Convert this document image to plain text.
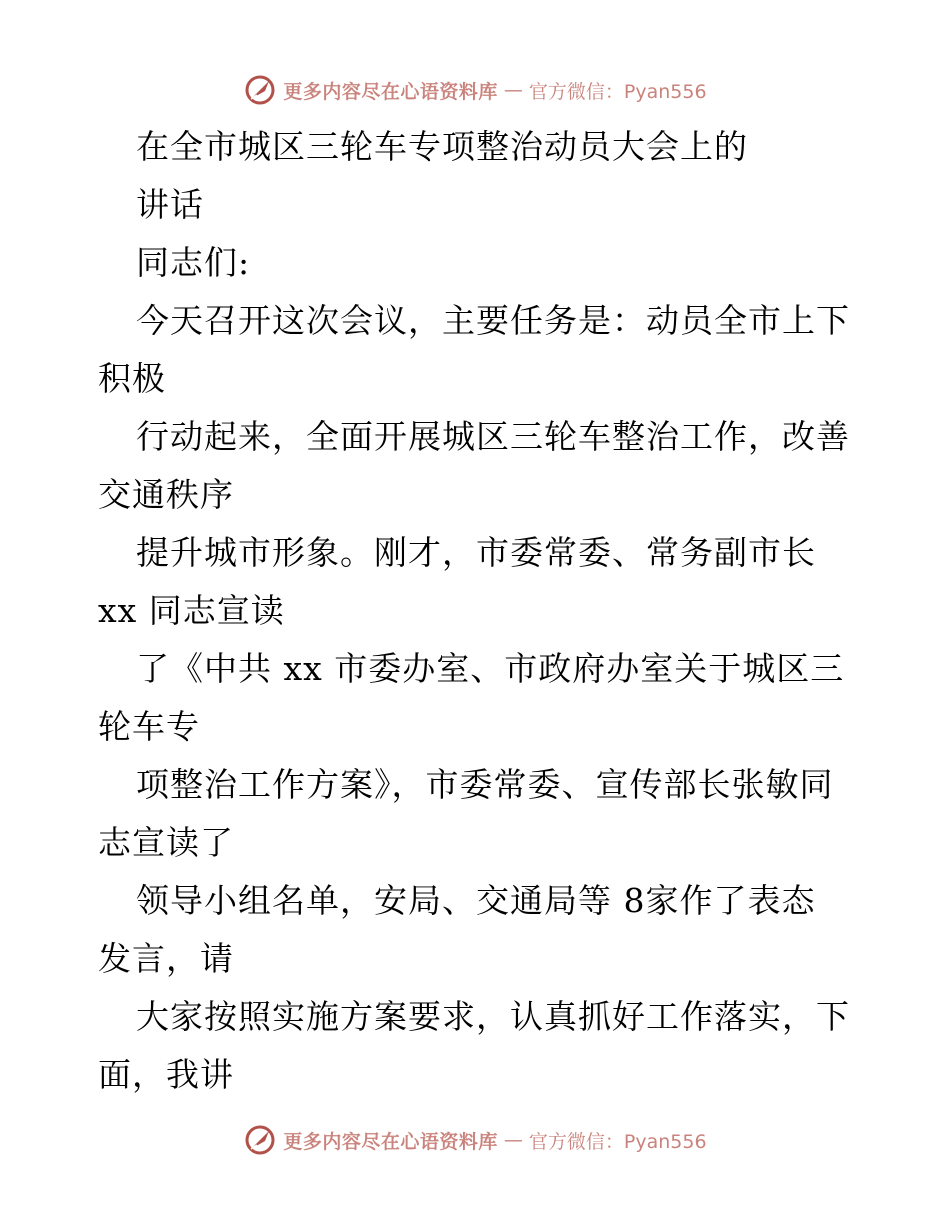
更多内容尽在心语资料库 — 官方微信：Pyan556
在全市城区三轮车专项整治动员大会上的
讲话
同志们:
今天召开这次会议，主要任务是：动员全市上下
积极
行动起来，全面开展城区三轮车整治工作，改善
交通秩序
提升城市形象。刚才，市委常委、常务副市长
xx 同志宣读
了《中共 xx 市委办室、市政府办室关于城区三
轮车专
项整治工作方案》，市委常委、宣传部长张敏同
志宣读了
领导小组名单，安局、交通局等 8家作了表态
发言，请
大家按照实施方案要求，认真抓好工作落实，下
面，我讲
更多内容尽在心语资料库 — 官方微信：Pyan556
